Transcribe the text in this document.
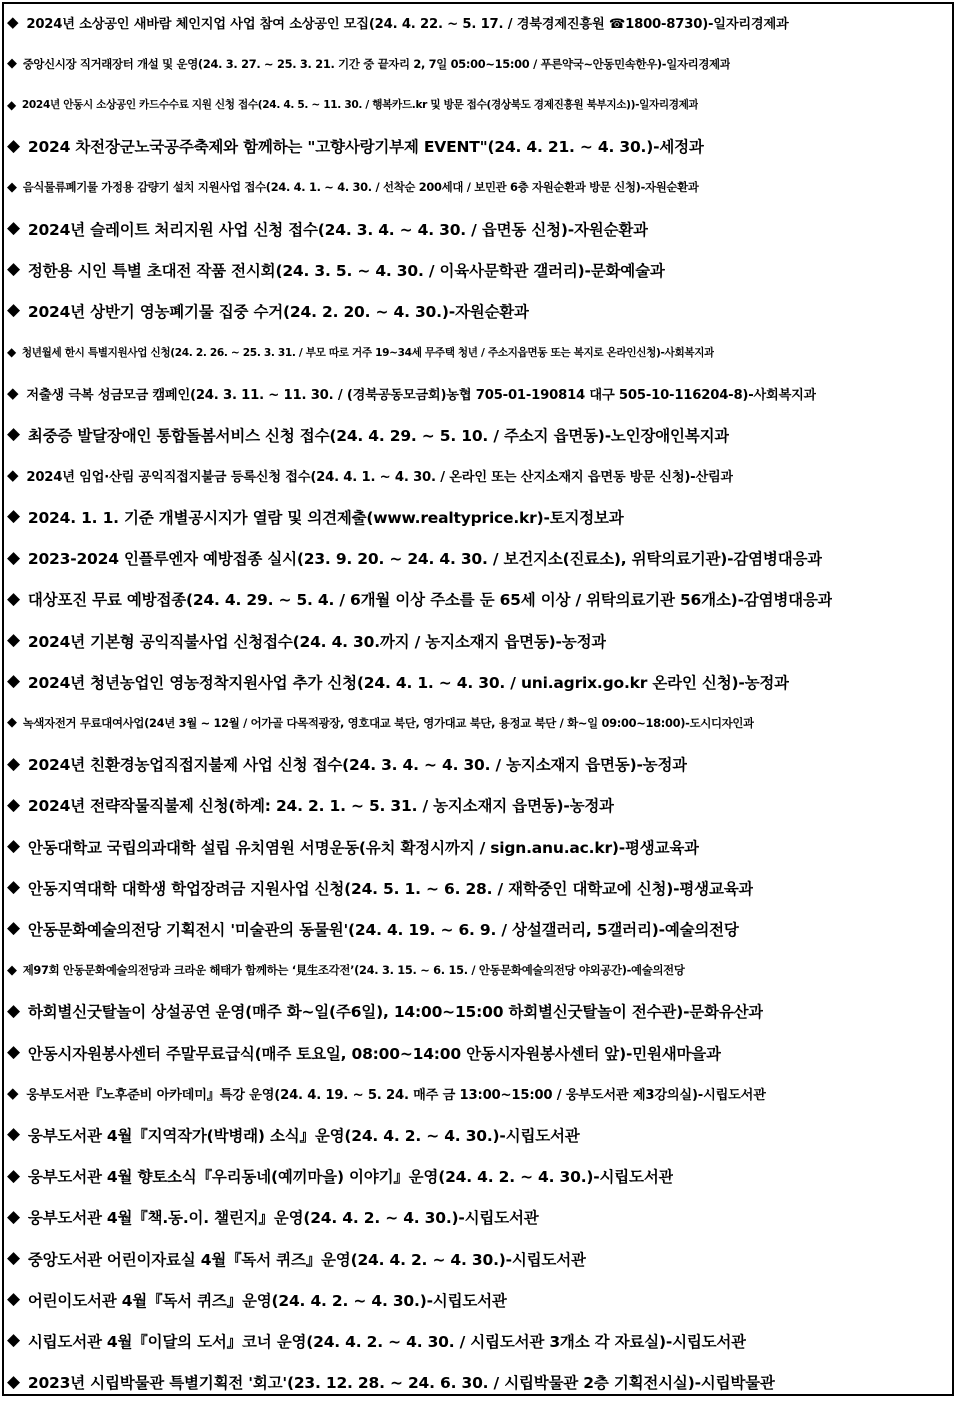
◆ 2024년 소상공인 새바람 체인지업 사업 참여 소상공인 모집(24. 4. 22. ~ 5. 17. / 경북경제진흥원 ☎1800-8730)-일자리경제과
◆ 중앙신시장 직거래장터 개설 및 운영(24. 3. 27. ~ 25. 3. 21. 기간 중 끝자리 2, 7일 05:00~15:00 / 푸른약국~안동민속한우)-일자리경제과
◆ 2024년 안동시 소상공인 카드수수료 지원 신청 접수(24. 4. 5. ~ 11. 30. / 행복카드.kr 및 방문 접수(경상북도 경제진흥원 북부지소))-일자리경제과
◆ 2024 차전장군노국공주축제와 함께하는 "고향사랑기부제 EVENT"(24. 4. 21. ~ 4. 30.)-세정과
◆ 음식물류폐기물 가정용 감량기 설치 지원사업 접수(24. 4. 1. ~ 4. 30. / 선착순 200세대 / 보민관 6층 자원순환과 방문 신청)-자원순환과
◆ 2024년 슬레이트 처리지원 사업 신청 접수(24. 3. 4. ~ 4. 30. / 읍면동 신청)-자원순환과
◆ 정한용 시인 특별 초대전 작품 전시회(24. 3. 5. ~ 4. 30. / 이육사문학관 갤러리)-문화예술과
◆ 2024년 상반기 영농폐기물 집중 수거(24. 2. 20. ~ 4. 30.)-자원순환과
◆ 청년월세 한시 특별지원사업 신청(24. 2. 26. ~ 25. 3. 31. / 부모 따로 거주 19~34세 무주택 청년 / 주소지읍면동 또는 복지로 온라인신청)-사회복지과
◆ 저출생 극복 성금모금 캠페인(24. 3. 11. ~ 11. 30. / (경북공동모금회)농협 705-01-190814 대구 505-10-116204-8)-사회복지과
◆ 최중증 발달장애인 통합돌봄서비스 신청 접수(24. 4. 29. ~ 5. 10. / 주소지 읍면동)-노인장애인복지과
◆ 2024년 임업·산림 공익직접지불금 등록신청 접수(24. 4. 1. ~ 4. 30. / 온라인 또는 산지소재지 읍면동 방문 신청)-산림과
◆ 2024. 1. 1. 기준 개별공시지가 열람 및 의견제출(www.realtyprice.kr)-토지정보과
◆ 2023-2024 인플루엔자 예방접종 실시(23. 9. 20. ~ 24. 4. 30. / 보건지소(진료소), 위탁의료기관)-감염병대응과
◆ 대상포진 무료 예방접종(24. 4. 29. ~ 5. 4. / 6개월 이상 주소를 둔 65세 이상 / 위탁의료기관 56개소)-감염병대응과
◆ 2024년 기본형 공익직불사업 신청접수(24. 4. 30.까지 / 농지소재지 읍면동)-농정과
◆ 2024년 청년농업인 영농정착지원사업 추가 신청(24. 4. 1. ~ 4. 30. / uni.agrix.go.kr 온라인 신청)-농정과
◆ 녹색자전거 무료대여사업(24년 3월 ~ 12월 / 어가골 다목적광장, 영호대교 북단, 영가대교 북단, 용정교 북단 / 화~일 09:00~18:00)-도시디자인과
◆ 2024년 친환경농업직접지불제 사업 신청 접수(24. 3. 4. ~ 4. 30. / 농지소재지 읍면동)-농정과
◆ 2024년 전략작물직불제 신청(하계: 24. 2. 1. ~ 5. 31. / 농지소재지 읍면동)-농정과
◆ 안동대학교 국립의과대학 설립 유치염원 서명운동(유치 확정시까지 / sign.anu.ac.kr)-평생교육과
◆ 안동지역대학 대학생 학업장려금 지원사업 신청(24. 5. 1. ~ 6. 28. / 재학중인 대학교에 신청)-평생교육과
◆ 안동문화예술의전당 기획전시 '미술관의 동물원'(24. 4. 19. ~ 6. 9. / 상설갤러리, 5갤러리)-예술의전당
◆ 제97회 안동문화예술의전당과 크라운 해태가 함께하는 ‘見生조각전’(24. 3. 15. ~ 6. 15. / 안동문화예술의전당 야외공간)-예술의전당
◆ 하회별신굿탈놀이 상설공연 운영(매주 화~일(주6일), 14:00~15:00 하회별신굿탈놀이 전수관)-문화유산과
◆ 안동시자원봉사센터 주말무료급식(매주 토요일, 08:00~14:00 안동시자원봉사센터 앞)-민원새마을과
◆ 웅부도서관『노후준비 아카데미』특강 운영(24. 4. 19. ~ 5. 24. 매주 금 13:00~15:00 / 웅부도서관 제3강의실)-시립도서관
◆ 웅부도서관 4월『지역작가(박병래) 소식』운영(24. 4. 2. ~ 4. 30.)-시립도서관
◆ 웅부도서관 4월 향토소식『우리동네(예끼마을) 이야기』운영(24. 4. 2. ~ 4. 30.)-시립도서관
◆ 웅부도서관 4월『책.동.이. 챌린지』운영(24. 4. 2. ~ 4. 30.)-시립도서관
◆ 중앙도서관 어린이자료실 4월『독서 퀴즈』운영(24. 4. 2. ~ 4. 30.)-시립도서관
◆ 어린이도서관 4월『독서 퀴즈』운영(24. 4. 2. ~ 4. 30.)-시립도서관
◆ 시립도서관 4월『이달의 도서』코너 운영(24. 4. 2. ~ 4. 30. / 시립도서관 3개소 각 자료실)-시립도서관
◆ 2023년 시립박물관 특별기획전 '회고'(23. 12. 28. ~ 24. 6. 30. / 시립박물관 2층 기획전시실)-시립박물관
